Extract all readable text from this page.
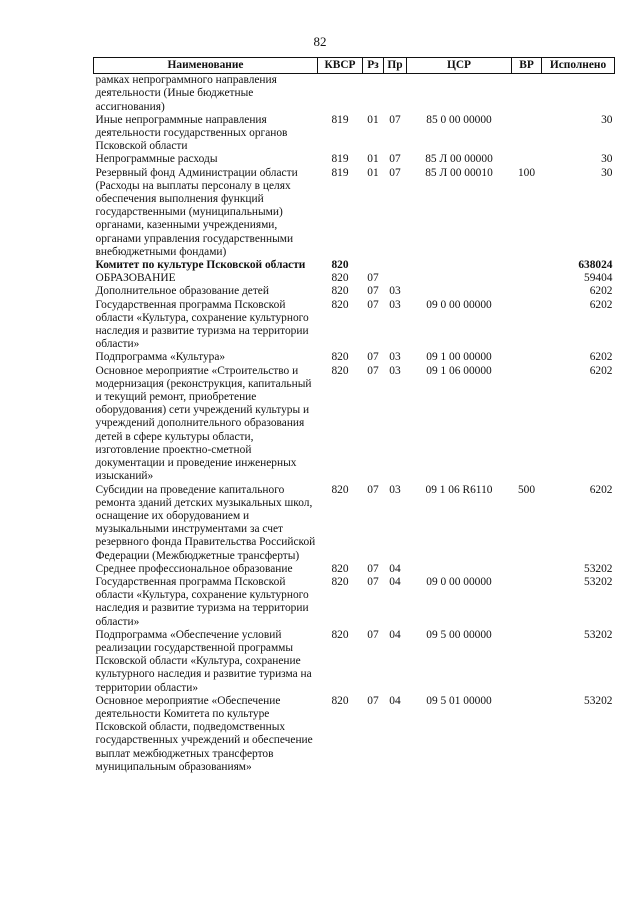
82
Наименование	КВСР	Рз	Пр	ЦСР	ВР	Исполнено
рамках непрограммного направления деятельности (Иные бюджетные ассигнования)						
Иные непрограммные направления деятельности государственных органов Псковской области	819	01	07	85 0 00 00000		30
Непрограммные расходы	819	01	07	85 Л 00 00000		30
Резервный фонд Администрации области (Расходы на выплаты персоналу в целях обеспечения выполнения функций государственными (муниципальными) органами, казенными учреждениями, органами управления государственными внебюджетными фондами)	819	01	07	85 Л 00 00010	100	30
Комитет по культуре Псковской области	820					638024
ОБРАЗОВАНИЕ	820	07				59404
Дополнительное образование детей	820	07	03			6202
Государственная программа Псковской области «Культура, сохранение культурного наследия и развитие туризма на территории области»	820	07	03	09 0 00 00000		6202
Подпрограмма «Культура»	820	07	03	09 1 00 00000		6202
Основное мероприятие «Строительство и модернизация (реконструкция, капитальный и текущий ремонт, приобретение оборудования) сети учреждений культуры и учреждений дополнительного образования детей в сфере культуры области, изготовление проектно-сметной документации и проведение инженерных изысканий»	820	07	03	09 1 06 00000		6202
Субсидии на проведение капитального ремонта зданий детских музыкальных школ, оснащение их оборудованием и музыкальными инструментами за счет резервного фонда Правительства Российской Федерации (Межбюджетные трансферты)	820	07	03	09 1 06 R6110	500	6202
Среднее профессиональное образование	820	07	04			53202
Государственная программа Псковской области «Культура, сохранение культурного наследия и развитие туризма на территории области»	820	07	04	09 0 00 00000		53202
Подпрограмма «Обеспечение условий реализации государственной программы Псковской области «Культура, сохранение культурного наследия и развитие туризма на территории области»	820	07	04	09 5 00 00000		53202
Основное мероприятие «Обеспечение деятельности Комитета по культуре Псковской области, подведомственных государственных учреждений и обеспечение выплат межбюджетных трансфертов муниципальным образованиям»	820	07	04	09 5 01 00000		53202
